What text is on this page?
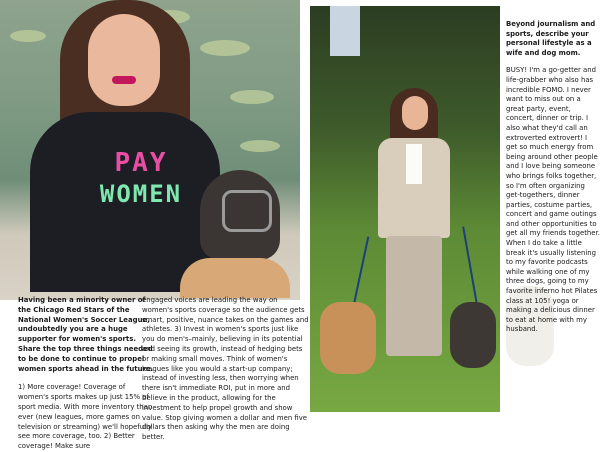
PAY
WOMEN
Having been a minority owner of the Chicago Red Stars of the National Women's Soccer League, undoubtedly you are a huge supporter for women's sports. Share the top three things needed to be done to continue to propel women sports ahead in the future.
1) More coverage! Coverage of women's sports makes up just 15% of sport media. With more inventory than ever (new leagues, more games on television or streaming) we'll hopefully see more coverage, too. 2) Better coverage! Make sure
engaged voices are leading the way on women's sports coverage so the audience gets smart, positive, nuance takes on the games and athletes. 3) Invest in women's sports just like you do men's–mainly, believing in its potential and seeing its growth, instead of hedging bets or making small moves. Think of women's leagues like you would a start-up company; instead of investing less, then worrying when there isn't immediate ROI, put in more and believe in the product, allowing for the investment to help propel growth and show value. Stop giving women a dollar and men five dollars then asking why the men are doing better.
Beyond journalism and sports, describe your personal lifestyle as a wife and dog mom.
BUSY! I'm a go-getter and life-grabber who also has incredible FOMO. I never want to miss out on a great party, event, concert, dinner or trip. I also what they'd call an extroverted extrovert! I get so much energy from being around other people and I love being someone who brings folks together, so I'm often organizing get-togethers, dinner parties, costume parties, concert and game outings and other opportunities to get all my friends together. When I do take a little break it's usually listening to my favorite podcasts while walking one of my three dogs, going to my favorite inferno hot Pilates class at 105! yoga or making a delicious dinner to eat at home with my husband.
